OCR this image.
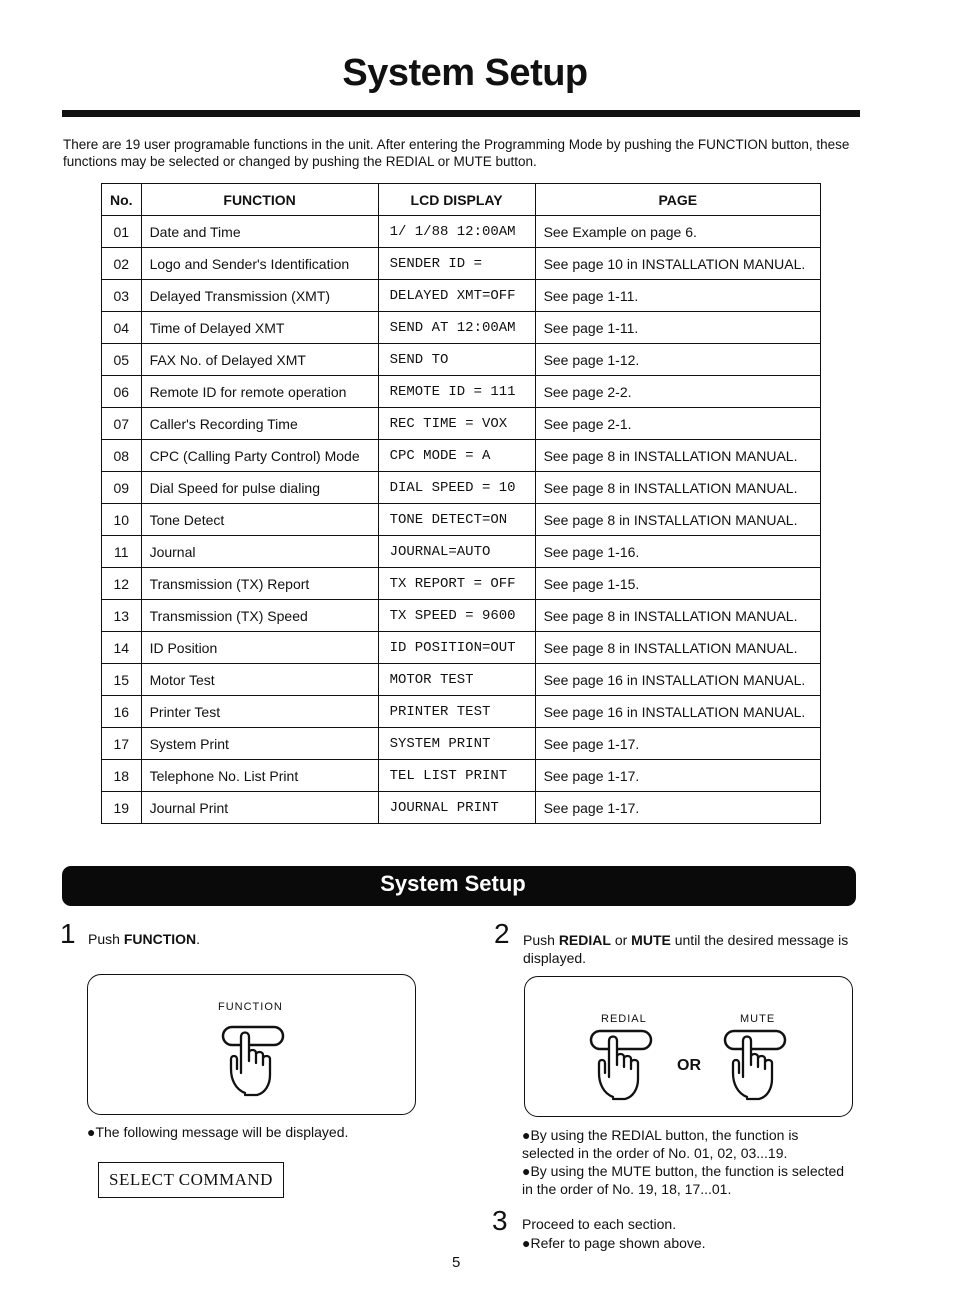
System Setup
There are 19 user programable functions in the unit. After entering the Programming Mode by pushing the FUNCTION button, these functions may be selected or changed by pushing the REDIAL or MUTE button.
No.	FUNCTION	LCD DISPLAY	PAGE
01	Date and Time	1/ 1/88 12:00AM	See Example on page 6.
02	Logo and Sender's Identification	SENDER ID =	See page 10 in INSTALLATION MANUAL.
03	Delayed Transmission (XMT)	DELAYED XMT=OFF	See page 1-11.
04	Time of Delayed XMT	SEND AT 12:00AM	See page 1-11.
05	FAX No. of Delayed XMT	SEND TO	See page 1-12.
06	Remote ID for remote operation	REMOTE ID = 111	See page 2-2.
07	Caller's Recording Time	REC TIME = VOX	See page 2-1.
08	CPC (Calling Party Control) Mode	CPC MODE = A	See page 8 in INSTALLATION MANUAL.
09	Dial Speed for pulse dialing	DIAL SPEED = 10	See page 8 in INSTALLATION MANUAL.
10	Tone Detect	TONE DETECT=ON	See page 8 in INSTALLATION MANUAL.
11	Journal	JOURNAL=AUTO	See page 1-16.
12	Transmission (TX) Report	TX REPORT = OFF	See page 1-15.
13	Transmission (TX) Speed	TX SPEED = 9600	See page 8 in INSTALLATION MANUAL.
14	ID Position	ID POSITION=OUT	See page 8 in INSTALLATION MANUAL.
15	Motor Test	MOTOR TEST	See page 16 in INSTALLATION MANUAL.
16	Printer Test	PRINTER TEST	See page 16 in INSTALLATION MANUAL.
17	System Print	SYSTEM PRINT	See page 1-17.
18	Telephone No. List Print	TEL LIST PRINT	See page 1-17.
19	Journal Print	JOURNAL PRINT	See page 1-17.
System Setup
1 Push FUNCTION.
FUNCTION
●The following message will be displayed.
SELECT COMMAND
2 Push REDIAL or MUTE until the desired message is displayed.
REDIAL	MUTE
OR
●By using the REDIAL button, the function is selected in the order of No. 01, 02, 03...19.
●By using the MUTE button, the function is selected in the order of No. 19, 18, 17...01.
3 Proceed to each section.
●Refer to page shown above.
5
